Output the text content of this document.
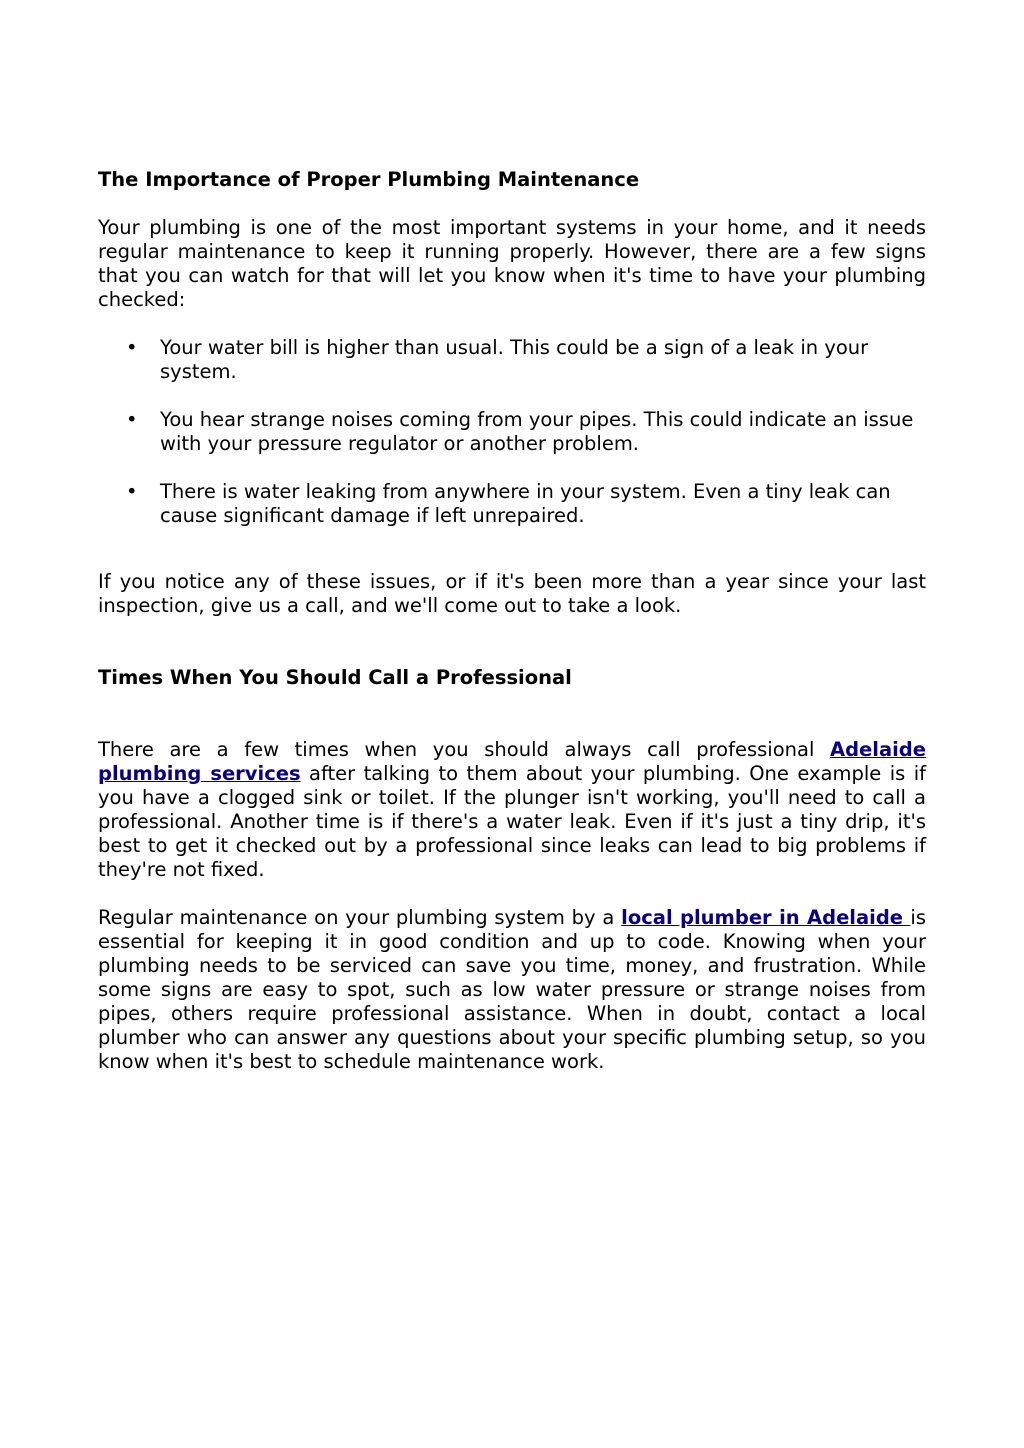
The Importance of Proper Plumbing Maintenance

Your plumbing is one of the most important systems in your home, and it needs regular maintenance to keep it running properly. However, there are a few signs that you can watch for that will let you know when it's time to have your plumbing checked:

• Your water bill is higher than usual. This could be a sign of a leak in your system.
• You hear strange noises coming from your pipes. This could indicate an issue with your pressure regulator or another problem.
• There is water leaking from anywhere in your system. Even a tiny leak can cause significant damage if left unrepaired.

If you notice any of these issues, or if it's been more than a year since your last inspection, give us a call, and we'll come out to take a look.

Times When You Should Call a Professional

There are a few times when you should always call professional Adelaide plumbing services after talking to them about your plumbing. One example is if you have a clogged sink or toilet. If the plunger isn't working, you'll need to call a professional. Another time is if there's a water leak. Even if it's just a tiny drip, it's best to get it checked out by a professional since leaks can lead to big problems if they're not fixed.

Regular maintenance on your plumbing system by a local plumber in Adelaide is essential for keeping it in good condition and up to code. Knowing when your plumbing needs to be serviced can save you time, money, and frustration. While some signs are easy to spot, such as low water pressure or strange noises from pipes, others require professional assistance. When in doubt, contact a local plumber who can answer any questions about your specific plumbing setup, so you know when it's best to schedule maintenance work.
